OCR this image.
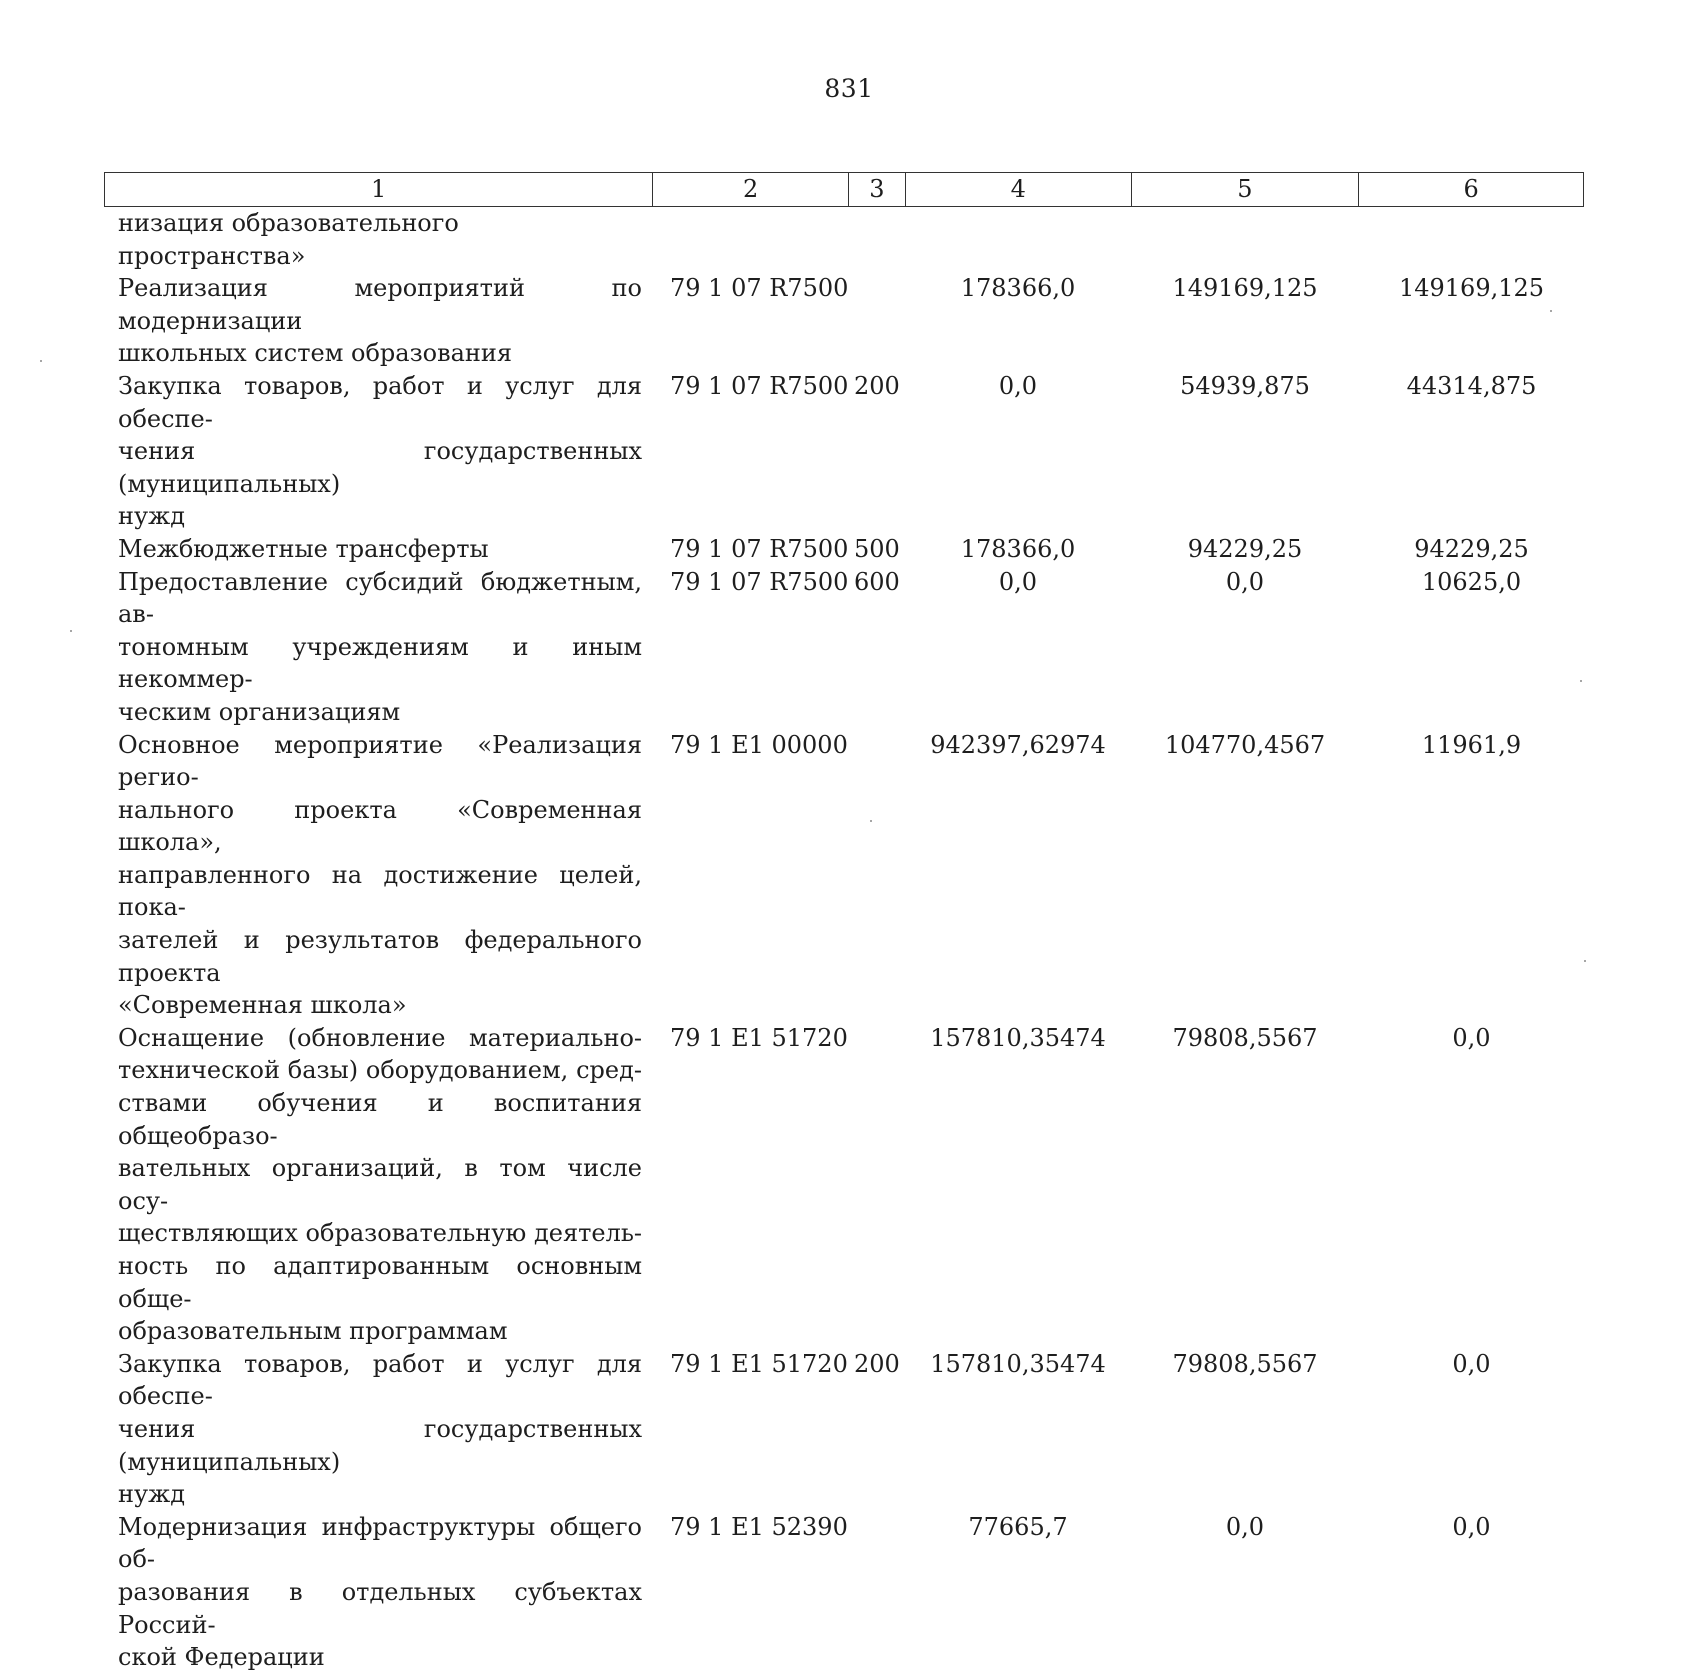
831
1	2	3	4	5	6
низация образовательного пространства»
Реализация мероприятий по модернизации
школьных систем образования
79 1 07 R7500	178366,0	149169,125	149169,125
Закупка товаров, работ и услуг для обеспе-
чения государственных (муниципальных)
нужд
79 1 07 R7500 200	0,0	54939,875	44314,875
Межбюджетные трансферты	79 1 07 R7500 500	178366,0	94229,25	94229,25
Предоставление субсидий бюджетным, ав-
тономным учреждениям и иным некоммер-
ческим организациям
79 1 07 R7500 600	0,0	0,0	10625,0
Основное мероприятие «Реализация регио-
нального проекта «Современная школа»,
направленного на достижение целей, пока-
зателей и результатов федерального проекта
«Современная школа»
79 1 E1 00000	942397,62974	104770,4567	11961,9
Оснащение (обновление материально-
технической базы) оборудованием, сред-
ствами обучения и воспитания общеобразо-
вательных организаций, в том числе осу-
ществляющих образовательную деятель-
ность по адаптированным основным обще-
образовательным программам
79 1 E1 51720	157810,35474	79808,5567	0,0
Закупка товаров, работ и услуг для обеспе-
чения государственных (муниципальных)
нужд
79 1 E1 51720 200	157810,35474	79808,5567	0,0
Модернизация инфраструктуры общего об-
разования в отдельных субъектах Россий-
ской Федерации
79 1 E1 52390	77665,7	0,0	0,0
